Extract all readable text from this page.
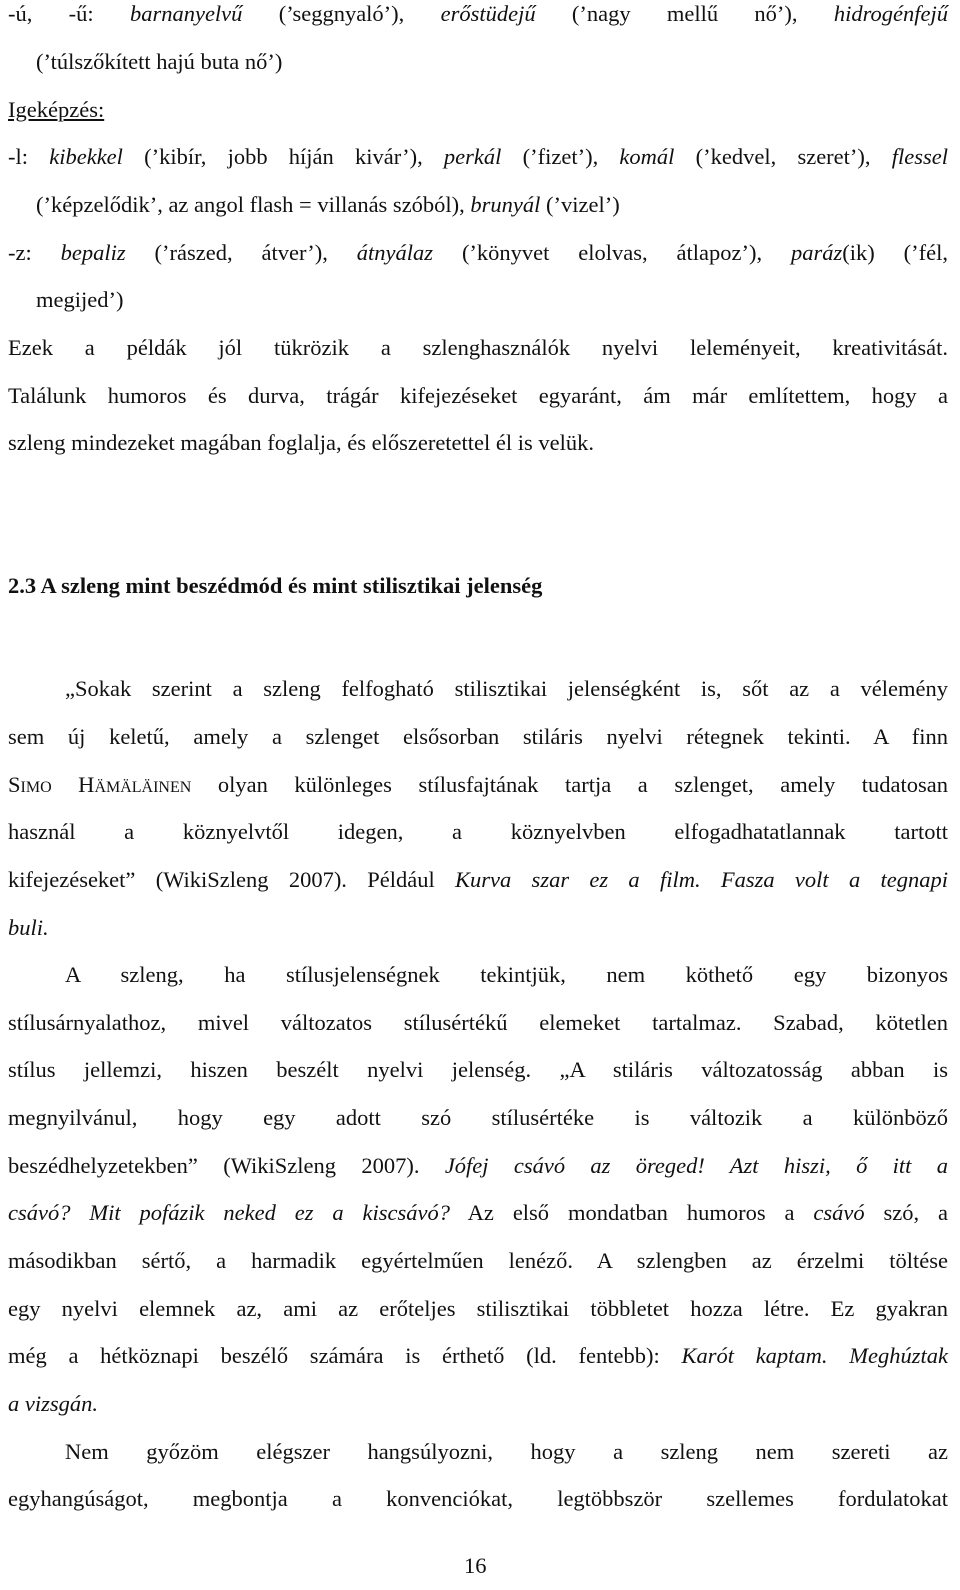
-ú, -ű: barnanyelvű (’seggnyaló’), erőstüdejű (’nagy mellű nő’), hidrogénfejű
(’túlszőkített hajú buta nő’)
Igeképzés:
-l: kibekkel (’kibír, jobb híján kivár’), perkál (’fizet’), komál (’kedvel, szeret’), flessel
(’képzelődik’, az angol flash = villanás szóból), brunyál (’vizel’)
-z: bepaliz (’rászed, átver’), átnyálaz (’könyvet elolvas, átlapoz’), paráz(ik) (’fél,
megijed’)
Ezek a példák jól tükrözik a szlenghasználók nyelvi leleményeit, kreativitását.
Találunk humoros és durva, trágár kifejezéseket egyaránt, ám már említettem, hogy a
szleng mindezeket magában foglalja, és előszeretettel él is velük.
2.3 A szleng mint beszédmód és mint stilisztikai jelenség
„Sokak szerint a szleng felfogható stilisztikai jelenségként is, sőt az a vélemény
sem új keletű, amely a szlenget elsősorban stiláris nyelvi rétegnek tekinti. A finn
SIMO HÄMÄLÄINEN olyan különleges stílusfajtának tartja a szlenget, amely tudatosan
használ a köznyelvtől idegen, a köznyelvben elfogadhatatlannak tartott
kifejezéseket” (WikiSzleng 2007). Például Kurva szar ez a film. Fasza volt a tegnapi
buli.
A szleng, ha stílusjelenségnek tekintjük, nem köthető egy bizonyos
stílusárnyalathoz, mivel változatos stílusértékű elemeket tartalmaz. Szabad, kötetlen
stílus jellemzi, hiszen beszélt nyelvi jelenség. „A stiláris változatosság abban is
megnyilvánul, hogy egy adott szó stílusértéke is változik a különböző
beszédhelyzetekben” (WikiSzleng 2007). Jófej csávó az öreged! Azt hiszi, ő itt a
csávó? Mit pofázik neked ez a kiscsávó? Az első mondatban humoros a csávó szó, a
másodikban sértő, a harmadik egyértelműen lenéző. A szlengben az érzelmi töltése
egy nyelvi elemnek az, ami az erőteljes stilisztikai többletet hozza létre. Ez gyakran
még a hétköznapi beszélő számára is érthető (ld. fentebb): Karót kaptam. Meghúztak
a vizsgán.
Nem győzöm elégszer hangsúlyozni, hogy a szleng nem szereti az
egyhangúságot, megbontja a konvenciókat, legtöbbször szellemes fordulatokat
16
